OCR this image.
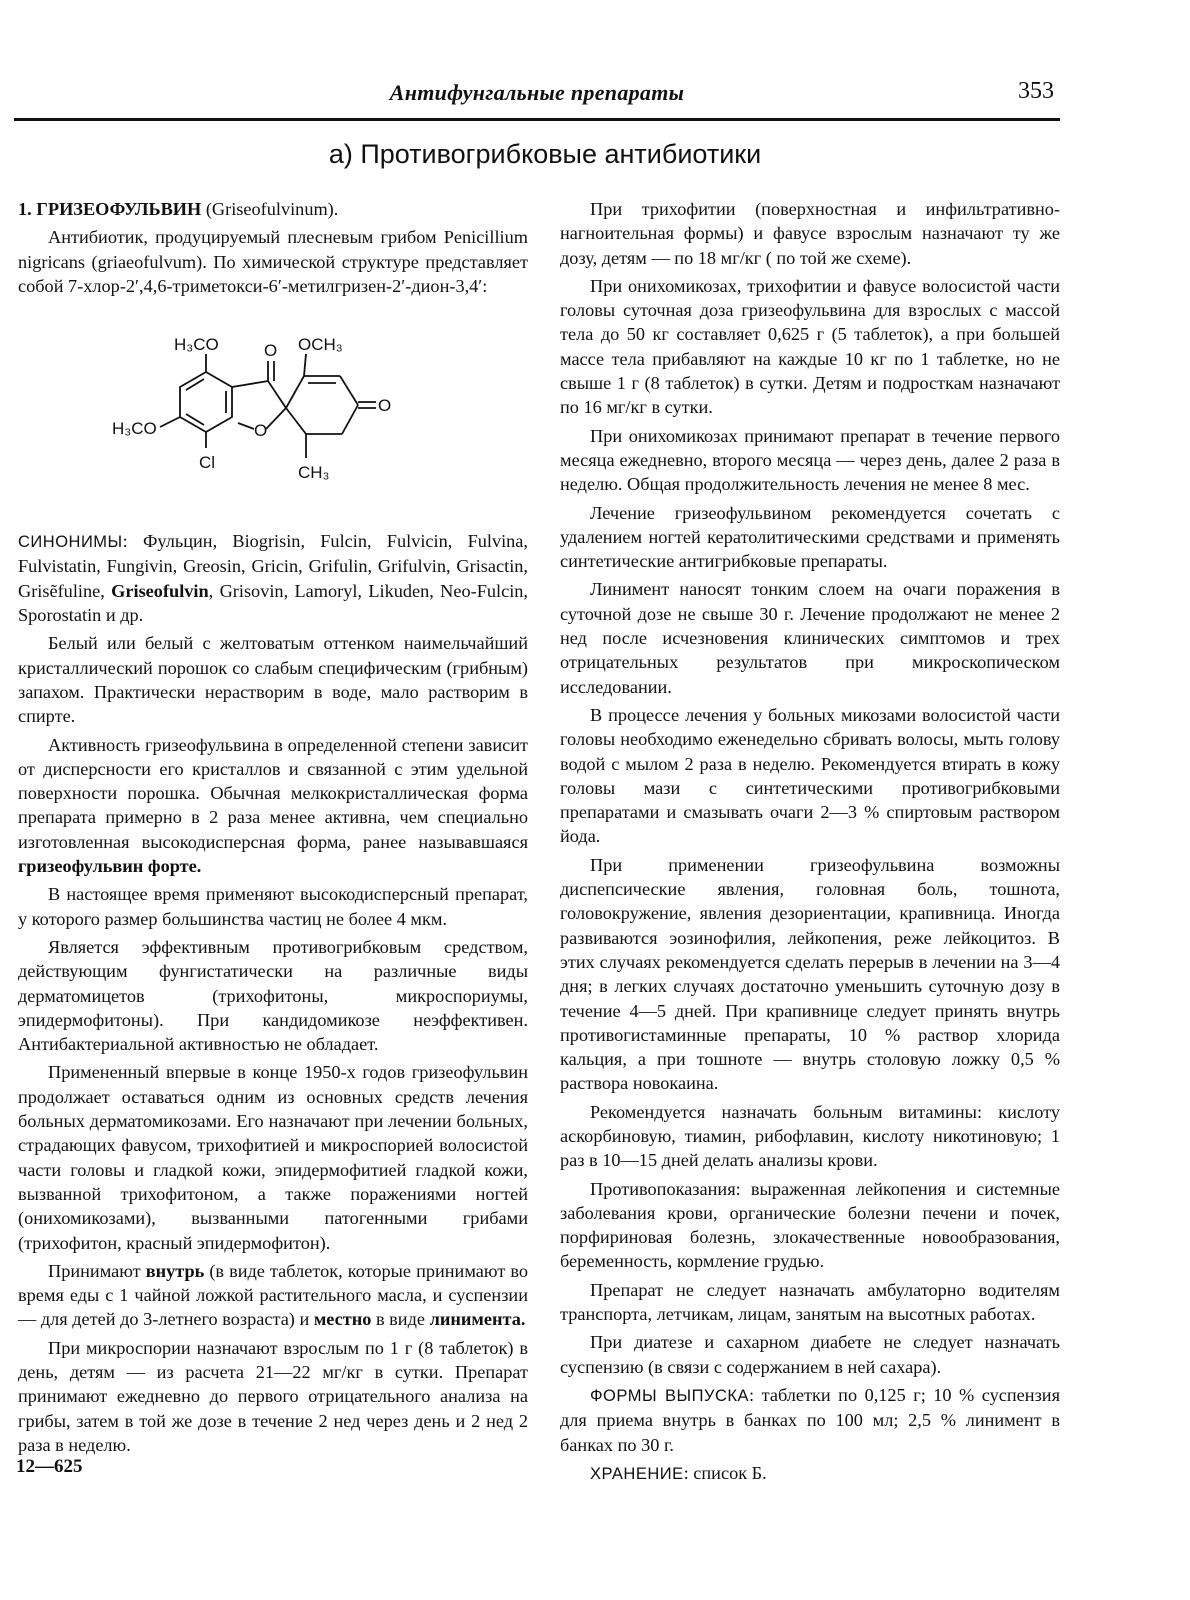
Антифунгальные препараты	353
а) Противогрибковые антибиотики

1. ГРИЗЕОФУЛЬВИН (Griseofulvinum).

Антибиотик, продуцируемый плесневым грибом Penicillium nigricans (griaeofulvum). По химической структуре представляет собой 7-хлор-2′,4,6-триметокси-6′-метилгризен-2′-дион-3,4′:

H₃CO	O OCH₃
O
H₃CO	O
Cl
CH₃

СИНОНИМЫ: Фульцин, Biogrisin, Fulcin, Fulvicin, Fulvina, Fulvistatin, Fungivin, Greosin, Gricin, Grifulin, Grifulvin, Grisactin, Grisẽfuline, Griseofulvin, Grisovin, Lamoryl, Likuden, Neo-Fulcin, Sporostatin и др.

Белый или белый с желтоватым оттенком наимельчайший кристаллический порошок со слабым специфическим (грибным) запахом. Практически нерастворим в воде, мало растворим в спирте.

Активность гризеофульвина в определенной степени зависит от дисперсности его кристаллов и связанной с этим удельной поверхности порошка. Обычная мелкокристаллическая форма препарата примерно в 2 раза менее активна, чем специально изготовленная высокодисперсная форма, ранее называвшаяся гризеофульвин форте.

В настоящее время применяют высокодисперсный препарат, у которого размер большинства частиц не более 4 мкм.

Является эффективным противогрибковым средством, действующим фунгистатически на различные виды дерматомицетов (трихофитоны, микроспориумы, эпидермофитоны). При кандидомикозе неэффективен. Антибактериальной активностью не обладает.

Примененный впервые в конце 1950-х годов гризеофульвин продолжает оставаться одним из основных средств лечения больных дерматомикозами. Его назначают при лечении больных, страдающих фавусом, трихофитией и микроспорией волосистой части головы и гладкой кожи, эпидермофитией гладкой кожи, вызванной трихофитоном, а также поражениями ногтей (онихомикозами), вызванными патогенными грибами (трихофитон, красный эпидермофитон).

Принимают внутрь (в виде таблеток, которые принимают во время еды с 1 чайной ложкой растительного масла, и суспензии — для детей до 3-летнего возраста) и местно в виде линимента.

При микроспории назначают взрослым по 1 г (8 таблеток) в день, детям — из расчета 21—22 мг/кг в сутки. Препарат принимают ежедневно до первого отрицательного анализа на грибы, затем в той же дозе в течение 2 нед через день и 2 нед 2 раза в неделю.

При трихофитии (поверхностная и инфильтративно-нагноительная формы) и фавусе взрослым назначают ту же дозу, детям — по 18 мг/кг ( по той же схеме).

При онихомикозах, трихофитии и фавусе волосистой части головы суточная доза гризеофульвина для взрослых с массой тела до 50 кг составляет 0,625 г (5 таблеток), а при большей массе тела прибавляют на каждые 10 кг по 1 таблетке, но не свыше 1 г (8 таблеток) в сутки. Детям и подросткам назначают по 16 мг/кг в сутки.

При онихомикозах принимают препарат в течение первого месяца ежедневно, второго месяца — через день, далее 2 раза в неделю. Общая продолжительность лечения не менее 8 мес.

Лечение гризеофульвином рекомендуется сочетать с удалением ногтей кератолитическими средствами и применять синтетические антигрибковые препараты.

Линимент наносят тонким слоем на очаги поражения в суточной дозе не свыше 30 г. Лечение продолжают не менее 2 нед после исчезновения клинических симптомов и трех отрицательных результатов при микроскопическом исследовании.

В процессе лечения у больных микозами волосистой части головы необходимо еженедельно сбривать волосы, мыть голову водой с мылом 2 раза в неделю. Рекомендуется втирать в кожу головы мази с синтетическими противогрибковыми препаратами и смазывать очаги 2—3 % спиртовым раствором йода.

При применении гризеофульвина возможны диспепсические явления, головная боль, тошнота, головокружение, явления дезориентации, крапивница. Иногда развиваются эозинофилия, лейкопения, реже лейкоцитоз. В этих случаях рекомендуется сделать перерыв в лечении на 3—4 дня; в легких случаях достаточно уменьшить суточную дозу в течение 4—5 дней. При крапивнице следует принять внутрь противогистаминные препараты, 10 % раствор хлорида кальция, а при тошноте — внутрь столовую ложку 0,5 % раствора новокаина.

Рекомендуется назначать больным витамины: кислоту аскорбиновую, тиамин, рибофлавин, кислоту никотиновую; 1 раз в 10—15 дней делать анализы крови.

Противопоказания: выраженная лейкопения и системные заболевания крови, органические болезни печени и почек, порфириновая болезнь, злокачественные новообразования, беременность, кормление грудью.

Препарат не следует назначать амбулаторно водителям транспорта, летчикам, лицам, занятым на высотных работах.

При диатезе и сахарном диабете не следует назначать суспензию (в связи с содержанием в ней сахара).

ФОРМЫ ВЫПУСКА: таблетки по 0,125 г; 10 % суспензия для приема внутрь в банках по 100 мл; 2,5 % линимент в банках по 30 г.

ХРАНЕНИЕ: список Б.

12—625
